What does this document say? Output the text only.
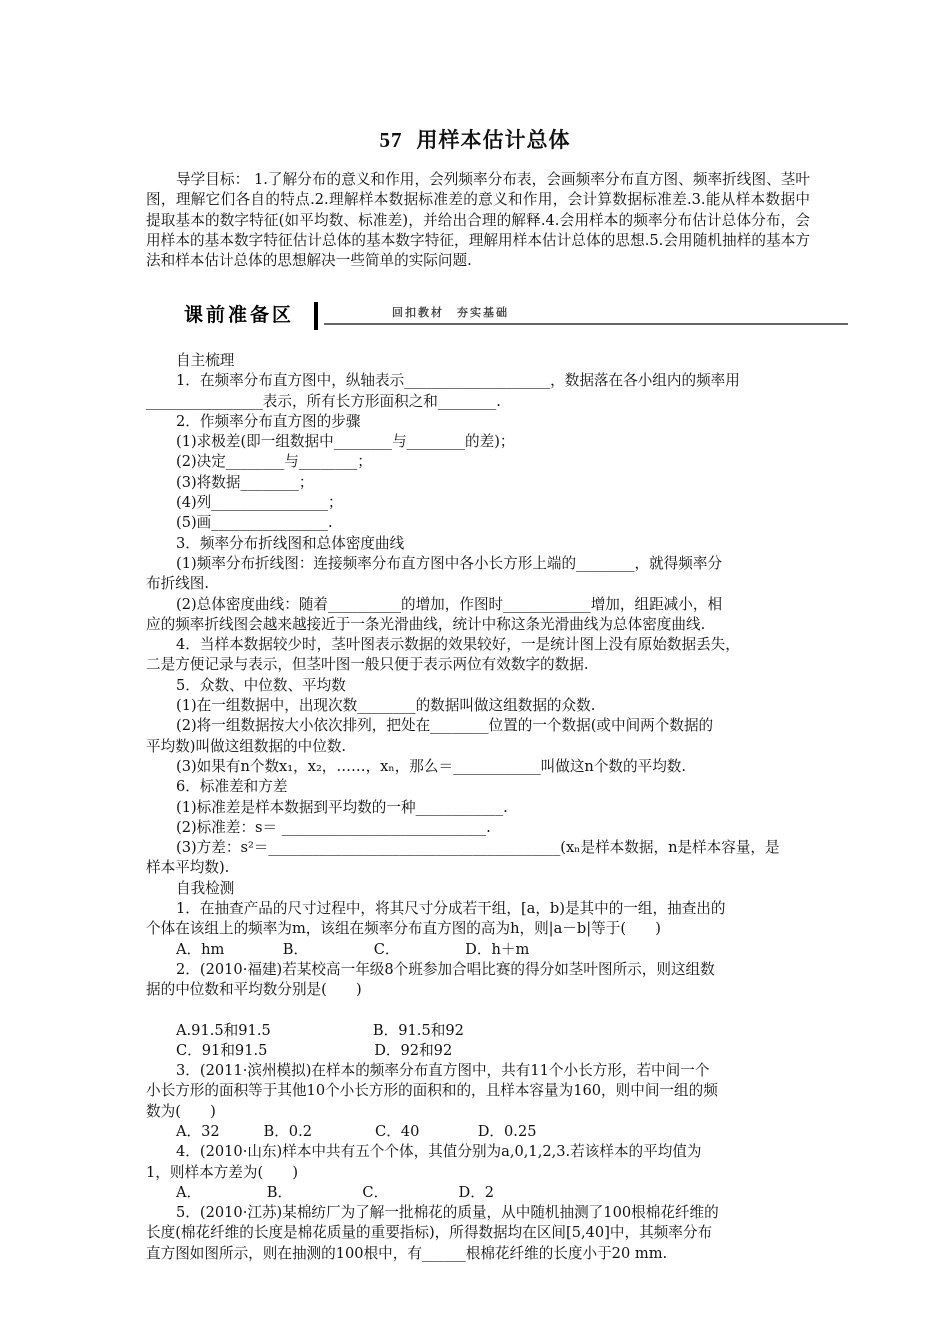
57 用样本估计总体
导学目标： 1.了解分布的意义和作用，会列频率分布表，会画频率分布直方图、频率折线图、茎叶图，理解它们各自的特点.2.理解样本数据标准差的意义和作用，会计算数据标准差.3.能从样本数据中提取基本的数字特征(如平均数、标准差)，并给出合理的解释.4.会用样本的频率分布估计总体分布，会用样本的基本数字特征估计总体的基本数字特征，理解用样本估计总体的思想.5.会用随机抽样的基本方法和样本估计总体的思想解决一些简单的实际问题.
课前准备区	回扣教材　夯实基础
自主梳理
1．在频率分布直方图中，纵轴表示____________________，数据落在各小组内的频率用
________________表示，所有长方形面积之和________.
2．作频率分布直方图的步骤
(1)求极差(即一组数据中________与________的差)；
(2)决定________与________；
(3)将数据________；
(4)列________________；
(5)画________________.
3．频率分布折线图和总体密度曲线
(1)频率分布折线图：连接频率分布直方图中各小长方形上端的________，就得频率分
布折线图.
(2)总体密度曲线：随着__________的增加，作图时____________增加，组距减小，相
应的频率折线图会越来越接近于一条光滑曲线，统计中称这条光滑曲线为总体密度曲线.
4．当样本数据较少时，茎叶图表示数据的效果较好，一是统计图上没有原始数据丢失，
二是方便记录与表示，但茎叶图一般只便于表示两位有效数字的数据.
5．众数、中位数、平均数
(1)在一组数据中，出现次数________的数据叫做这组数据的众数.
(2)将一组数据按大小依次排列，把处在________位置的一个数据(或中间两个数据的
平均数)叫做这组数据的中位数.
(3)如果有n个数x₁，x₂，……，xₙ，那么＝____________叫做这n个数的平均数.
6．标准差和方差
(1)标准差是样本数据到平均数的一种____________.
(2)标准差：s＝ ____________________________.
(3)方差：s²＝________________________________________(xₙ是样本数据，n是样本容量，是
样本平均数).
自我检测
1．在抽查产品的尺寸过程中，将其尺寸分成若干组，[a，b)是其中的一组，抽查出的
个体在该组上的频率为m，该组在频率分布直方图的高为h，则|a－b|等于(　　)
A．hm　　　　B．　　　　　C．　　　　　D．h＋m
2．(2010·福建)若某校高一年级8个班参加合唱比赛的得分如茎叶图所示，则这组数
据的中位数和平均数分别是(　　)
A.91.5和91.5　　　　　　　B．91.5和92
C．91和91.5　　　　　　　 D．92和92
3．(2011·滨州模拟)在样本的频率分布直方图中，共有11个小长方形，若中间一个
小长方形的面积等于其他10个小长方形的面积和的，且样本容量为160，则中间一组的频
数为(　　)
A．32　　　B．0.2　　　　 C．40　　　　D．0.25
4．(2010·山东)样本中共有五个个体，其值分别为a,0,1,2,3.若该样本的平均值为
1，则样本方差为(　　)
A．　　　　　B．　　　　　 C．　　　　　 D．2
5．(2010·江苏)某棉纺厂为了解一批棉花的质量，从中随机抽测了100根棉花纤维的
长度(棉花纤维的长度是棉花质量的重要指标)，所得数据均在区间[5,40]中，其频率分布
直方图如图所示，则在抽测的100根中，有______根棉花纤维的长度小于20 mm.
